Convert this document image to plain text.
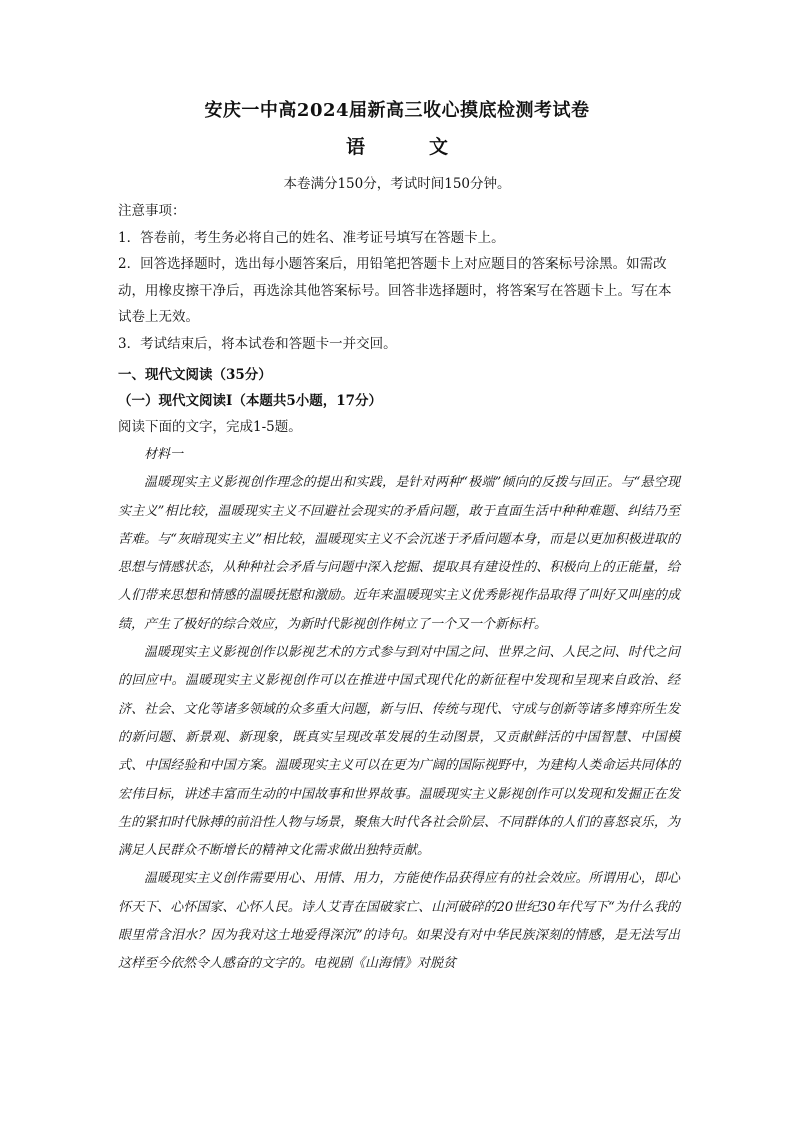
安庆一中高2024届新高三收心摸底检测考试卷
语	文
本卷满分150分，考试时间150分钟。

注意事项：

1．答卷前，考生务必将自己的姓名、准考证号填写在答题卡上。

2．回答选择题时，选出每小题答案后，用铅笔把答题卡上对应题目的答案标号涂黑。如需改动，用橡皮擦干净后，再选涂其他答案标号。回答非选择题时，将答案写在答题卡上。写在本试卷上无效。

3．考试结束后，将本试卷和答题卡一并交回。

一、现代文阅读（35分）
（一）现代文阅读Ⅰ（本题共5小题，17分）
阅读下面的文字，完成1-5题。

材料一

温暖现实主义影视创作理念的提出和实践，是针对两种“极端”倾向的反拨与回正。与“悬空现实主义”相比较，温暖现实主义不回避社会现实的矛盾问题，敢于直面生活中种种难题、纠结乃至苦难。与“灰暗现实主义”相比较，温暖现实主义不会沉迷于矛盾问题本身，而是以更加积极进取的思想与情感状态，从种种社会矛盾与问题中深入挖掘、提取具有建设性的、积极向上的正能量，给人们带来思想和情感的温暖抚慰和激励。近年来温暖现实主义优秀影视作品取得了叫好又叫座的成绩，产生了极好的综合效应，为新时代影视创作树立了一个又一个新标杆。

温暖现实主义影视创作以影视艺术的方式参与到对中国之问、世界之问、人民之问、时代之问的回应中。温暖现实主义影视创作可以在推进中国式现代化的新征程中发现和呈现来自政治、经济、社会、文化等诸多领域的众多重大问题，新与旧、传统与现代、守成与创新等诸多博弈所生发的新问题、新景观、新现象，既真实呈现改革发展的生动图景，又贡献鲜活的中国智慧、中国模式、中国经验和中国方案。温暖现实主义可以在更为广阔的国际视野中，为建构人类命运共同体的宏伟目标，讲述丰富而生动的中国故事和世界故事。温暖现实主义影视创作可以发现和发掘正在发生的紧扣时代脉搏的前沿性人物与场景，聚焦大时代各社会阶层、不同群体的人们的喜怒哀乐，为满足人民群众不断增长的精神文化需求做出独特贡献。

温暖现实主义创作需要用心、用情、用力，方能使作品获得应有的社会效应。所谓用心，即心怀天下、心怀国家、心怀人民。诗人艾青在国破家亡、山河破碎的20世纪30年代写下“为什么我的眼里常含泪水？因为我对这土地爱得深沉”的诗句。如果没有对中华民族深刻的情感，是无法写出这样至今依然令人感奋的文字的。电视剧《山海情》对脱贫
